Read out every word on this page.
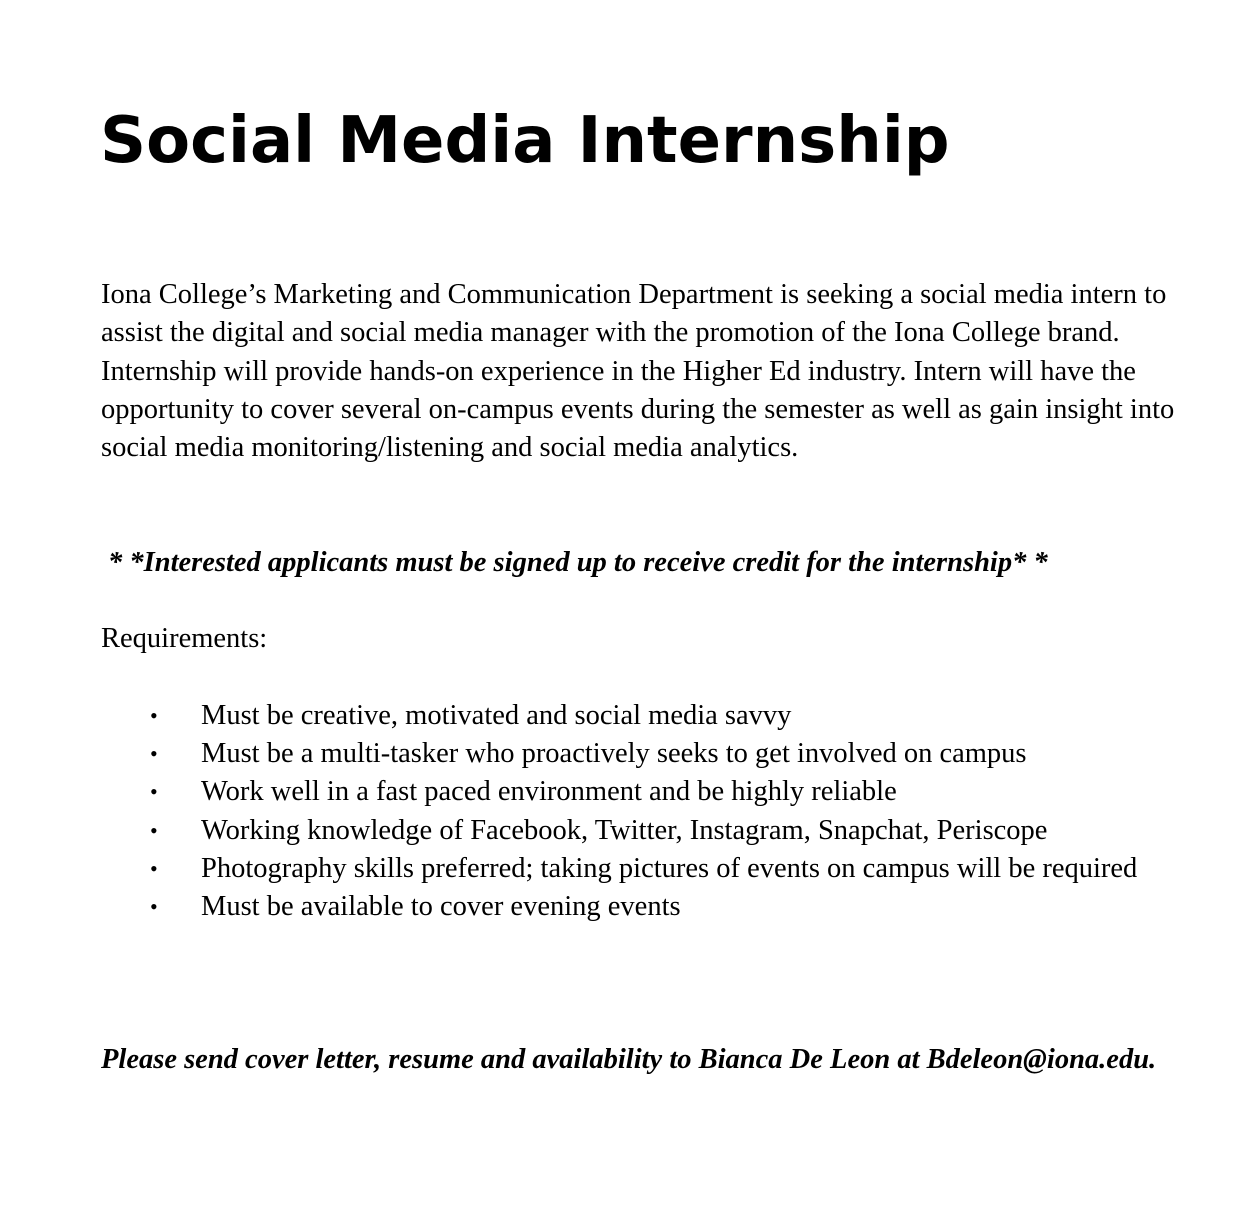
Social Media Internship

Iona College’s Marketing and Communication Department is seeking a social media intern to assist the digital and social media manager with the promotion of the Iona College brand. Internship will provide hands-on experience in the Higher Ed industry. Intern will have the opportunity to cover several on-campus events during the semester as well as gain insight into social media monitoring/listening and social media analytics.

* *Interested applicants must be signed up to receive credit for the internship* *

Requirements:

• Must be creative, motivated and social media savvy
• Must be a multi-tasker who proactively seeks to get involved on campus
• Work well in a fast paced environment and be highly reliable
• Working knowledge of Facebook, Twitter, Instagram, Snapchat, Periscope
• Photography skills preferred; taking pictures of events on campus will be required
• Must be available to cover evening events

Please send cover letter, resume and availability to Bianca De Leon at Bdeleon@iona.edu.
